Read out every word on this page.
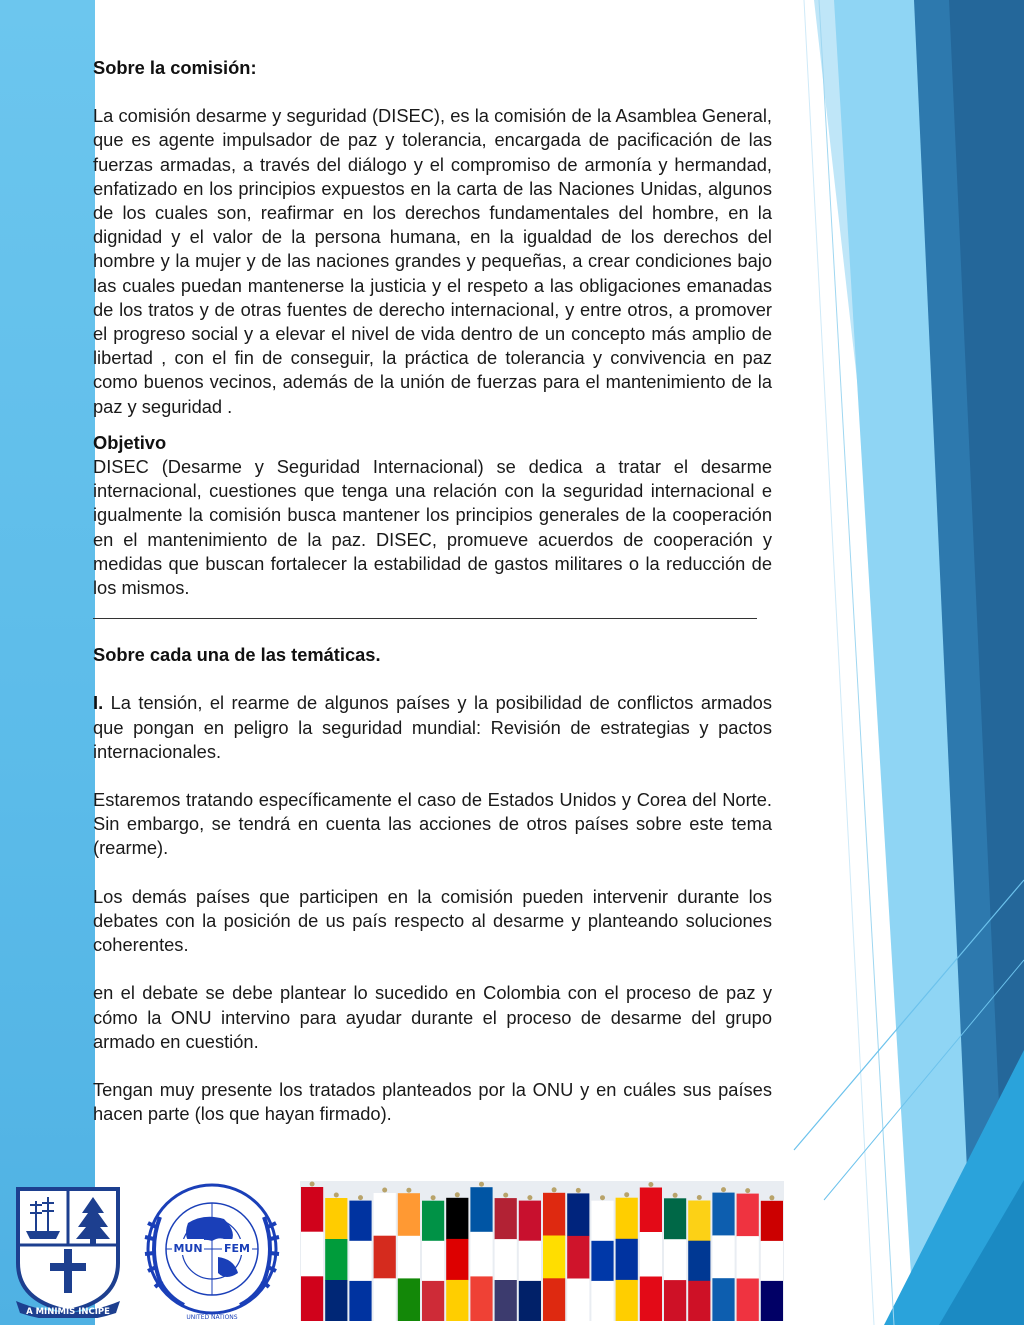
Sobre la comisión:

La comisión desarme y seguridad (DISEC), es la comisión de la Asamblea General, que es agente impulsador de paz y tolerancia, encargada de pacificación de las fuerzas armadas, a través del diálogo y el compromiso de armonía y hermandad, enfatizado en los principios expuestos en la carta de las Naciones Unidas, algunos de los cuales son, reafirmar en los derechos fundamentales del hombre, en la dignidad y el valor de la persona humana, en la igualdad de los derechos del hombre y la mujer y de las naciones grandes y pequeñas, a crear condiciones bajo las cuales puedan mantenerse la justicia y el respeto a las obligaciones emanadas de los tratos y de otras fuentes de derecho internacional, y entre otros, a promover el progreso social y a elevar el nivel de vida dentro de un concepto más amplio de libertad , con el fin de conseguir, la práctica de tolerancia y convivencia en paz como buenos vecinos, además de la unión de fuerzas para el mantenimiento de la paz y seguridad .

Objetivo

DISEC (Desarme y Seguridad Internacional) se dedica a tratar el desarme internacional, cuestiones que tenga una relación con la seguridad internacional e igualmente la comisión busca mantener los principios generales de la cooperación en el mantenimiento de la paz. DISEC, promueve acuerdos de cooperación y medidas que buscan fortalecer la estabilidad de gastos militares o la reducción de los mismos.

Sobre cada una de las temáticas.

I. La tensión, el rearme de algunos países y la posibilidad de conflictos armados que pongan en peligro la seguridad mundial: Revisión de estrategias y pactos internacionales.

Estaremos tratando específicamente el caso de Estados Unidos y Corea del Norte. Sin embargo, se tendrá en cuenta las acciones de otros países sobre este tema (rearme).

Los demás países que participen en la comisión pueden intervenir durante los debates con la posición de us país respecto al desarme y planteando soluciones coherentes.

en el debate se debe plantear lo sucedido en Colombia con el proceso de paz y cómo la ONU intervino para ayudar durante el proceso de desarme del grupo armado en cuestión.

Tengan muy presente los tratados planteados por la ONU y en cuáles sus países hacen parte (los que hayan firmado).

A MINIMIS INCIPE
MUN FEM
UNITED NATIONS
